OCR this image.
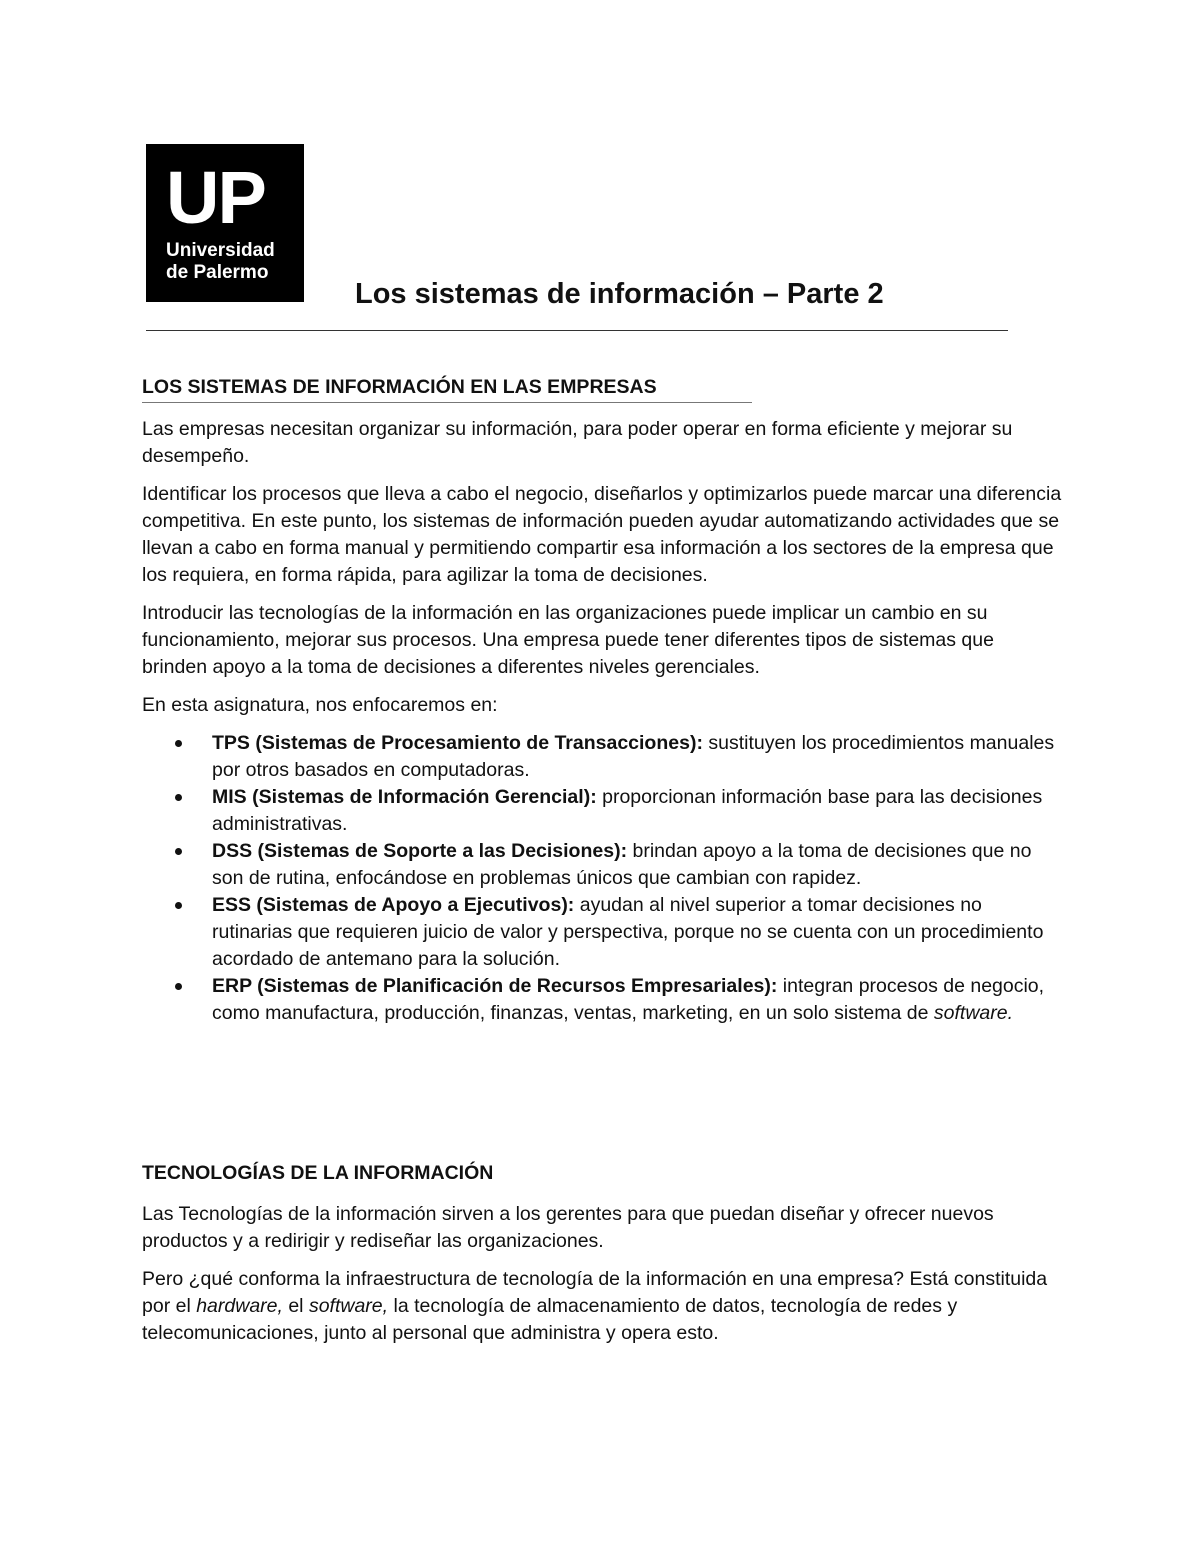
UP
Universidad
de Palermo
Los sistemas de información – Parte 2
LOS SISTEMAS DE INFORMACIÓN EN LAS EMPRESAS

Las empresas necesitan organizar su información, para poder operar en forma eficiente y mejorar su desempeño.

Identificar los procesos que lleva a cabo el negocio, diseñarlos y optimizarlos puede marcar una diferencia competitiva. En este punto, los sistemas de información pueden ayudar automatizando actividades que se llevan a cabo en forma manual y permitiendo compartir esa información a los sectores de la empresa que los requiera, en forma rápida, para agilizar la toma de decisiones.

Introducir las tecnologías de la información en las organizaciones puede implicar un cambio en su funcionamiento, mejorar sus procesos. Una empresa puede tener diferentes tipos de sistemas que brinden apoyo a la toma de decisiones a diferentes niveles gerenciales.

En esta asignatura, nos enfocaremos en:

TPS (Sistemas de Procesamiento de Transacciones): sustituyen los procedimientos manuales por otros basados en computadoras.
MIS (Sistemas de Información Gerencial): proporcionan información base para las decisiones administrativas.
DSS (Sistemas de Soporte a las Decisiones): brindan apoyo a la toma de decisiones que no son de rutina, enfocándose en problemas únicos que cambian con rapidez.
ESS (Sistemas de Apoyo a Ejecutivos): ayudan al nivel superior a tomar decisiones no rutinarias que requieren juicio de valor y perspectiva, porque no se cuenta con un procedimiento acordado de antemano para la solución.
ERP (Sistemas de Planificación de Recursos Empresariales): integran procesos de negocio, como manufactura, producción, finanzas, ventas, marketing, en un solo sistema de software.
TECNOLOGÍAS DE LA INFORMACIÓN

Las Tecnologías de la información sirven a los gerentes para que puedan diseñar y ofrecer nuevos productos y a redirigir y rediseñar las organizaciones.

Pero ¿qué conforma la infraestructura de tecnología de la información en una empresa? Está constituida por el hardware, el software, la tecnología de almacenamiento de datos, tecnología de redes y telecomunicaciones, junto al personal que administra y opera esto.
